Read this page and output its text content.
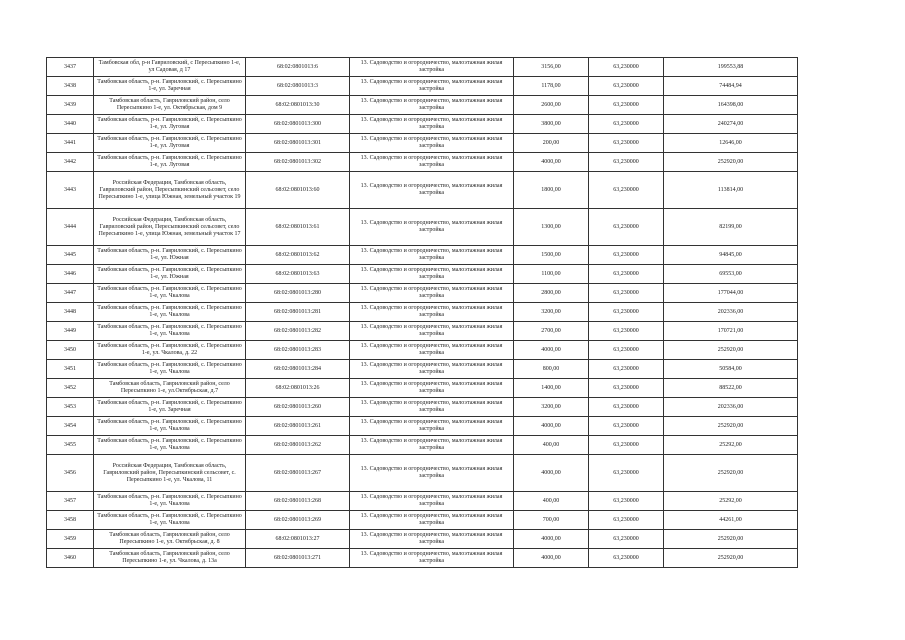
3437	Тамбовская обл, р-н Гавриловский, с Пересыпкино 1-е, ул Садовая, д 17	68:02:0801013:6	13. Садоводство и огородничество, малоэтажная жилая застройка	3156,00	63,230000	199553,88
3438	Тамбовская область, р-н. Гавриловский, с. Пересыпкино 1-е, ул. Заречная	68:02:0801013:3	13. Садоводство и огородничество, малоэтажная жилая застройка	1178,00	63,230000	74484,94
3439	Тамбовская область, Гавриловский район, село Пересыпкино 1-е, ул. Октябрьская, дом 9	68:02:0801013:30	13. Садоводство и огородничество, малоэтажная жилая застройка	2600,00	63,230000	164398,00
3440	Тамбовская область, р-н. Гавриловский, с. Пересыпкино 1-е, ул. Луговая	68:02:0801013:300	13. Садоводство и огородничество, малоэтажная жилая застройка	3800,00	63,230000	240274,00
3441	Тамбовская область, р-н. Гавриловский, с. Пересыпкино 1-е, ул. Луговая	68:02:0801013:301	13. Садоводство и огородничество, малоэтажная жилая застройка	200,00	63,230000	12646,00
3442	Тамбовская область, р-н. Гавриловский, с. Пересыпкино 1-е, ул. Луговая	68:02:0801013:302	13. Садоводство и огородничество, малоэтажная жилая застройка	4000,00	63,230000	252920,00
3443	Российская Федерация, Тамбовская область, Гавриловский район, Пересыпкинский сельсовет, село Пересыпкино 1-е, улица Южная, земельный участок 19	68:02:0801013:60	13. Садоводство и огородничество, малоэтажная жилая застройка	1800,00	63,230000	113814,00
3444	Российская Федерация, Тамбовская область, Гавриловский район, Пересыпкинский сельсовет, село Пересыпкино 1-е, улица Южная, земельный участок 17	68:02:0801013:61	13. Садоводство и огородничество, малоэтажная жилая застройка	1300,00	63,230000	82199,00
3445	Тамбовская область, р-н. Гавриловский, с. Пересыпкино 1-е, ул. Южная	68:02:0801013:62	13. Садоводство и огородничество, малоэтажная жилая застройка	1500,00	63,230000	94845,00
3446	Тамбовская область, р-н. Гавриловский, с. Пересыпкино 1-е, ул. Южная	68:02:0801013:63	13. Садоводство и огородничество, малоэтажная жилая застройка	1100,00	63,230000	69553,00
3447	Тамбовская область, р-н. Гавриловский, с. Пересыпкино 1-е, ул. Чкалова	68:02:0801013:280	13. Садоводство и огородничество, малоэтажная жилая застройка	2800,00	63,230000	177044,00
3448	Тамбовская область, р-н. Гавриловский, с. Пересыпкино 1-е, ул. Чкалова	68:02:0801013:281	13. Садоводство и огородничество, малоэтажная жилая застройка	3200,00	63,230000	202336,00
3449	Тамбовская область, р-н. Гавриловский, с. Пересыпкино 1-е, ул. Чкалова	68:02:0801013:282	13. Садоводство и огородничество, малоэтажная жилая застройка	2700,00	63,230000	170721,00
3450	Тамбовская область, р-н. Гавриловский, с. Пересыпкино 1-е, ул. Чкалова, д. 22	68:02:0801013:283	13. Садоводство и огородничество, малоэтажная жилая застройка	4000,00	63,230000	252920,00
3451	Тамбовская область, р-н. Гавриловский, с. Пересыпкино 1-е, ул. Чкалова	68:02:0801013:284	13. Садоводство и огородничество, малоэтажная жилая застройка	800,00	63,230000	50584,00
3452	Тамбовская область, Гавриловский район, село Пересыпкино 1-е, ул.Октябрьская, д.7	68:02:0801013:26	13. Садоводство и огородничество, малоэтажная жилая застройка	1400,00	63,230000	88522,00
3453	Тамбовская область, р-н. Гавриловский, с. Пересыпкино 1-е, ул. Заречная	68:02:0801013:260	13. Садоводство и огородничество, малоэтажная жилая застройка	3200,00	63,230000	202336,00
3454	Тамбовская область, р-н. Гавриловский, с. Пересыпкино 1-е, ул. Чкалова	68:02:0801013:261	13. Садоводство и огородничество, малоэтажная жилая застройка	4000,00	63,230000	252920,00
3455	Тамбовская область, р-н. Гавриловский, с. Пересыпкино 1-е, ул. Чкалова	68:02:0801013:262	13. Садоводство и огородничество, малоэтажная жилая застройка	400,00	63,230000	25292,00
3456	Российская Федерация, Тамбовская область, Гавриловский район, Пересыпкинский сельсовет, с. Пересыпкино 1-е, ул. Чкалова, 11	68:02:0801013:267	13. Садоводство и огородничество, малоэтажная жилая застройка	4000,00	63,230000	252920,00
3457	Тамбовская область, р-н. Гавриловский, с. Пересыпкино 1-е, ул. Чкалова	68:02:0801013:268	13. Садоводство и огородничество, малоэтажная жилая застройка	400,00	63,230000	25292,00
3458	Тамбовская область, р-н. Гавриловский, с. Пересыпкино 1-е, ул. Чкалова	68:02:0801013:269	13. Садоводство и огородничество, малоэтажная жилая застройка	700,00	63,230000	44261,00
3459	Тамбовская область, Гавриловский район, село Пересыпкино 1-е, ул. Октябрьская, д. 8	68:02:0801013:27	13. Садоводство и огородничество, малоэтажная жилая застройка	4000,00	63,230000	252920,00
3460	Тамбовская область, Гавриловский район, село Пересыпкино 1-е, ул. Чкалова, д. 13а	68:02:0801013:271	13. Садоводство и огородничество, малоэтажная жилая застройка	4000,00	63,230000	252920,00
